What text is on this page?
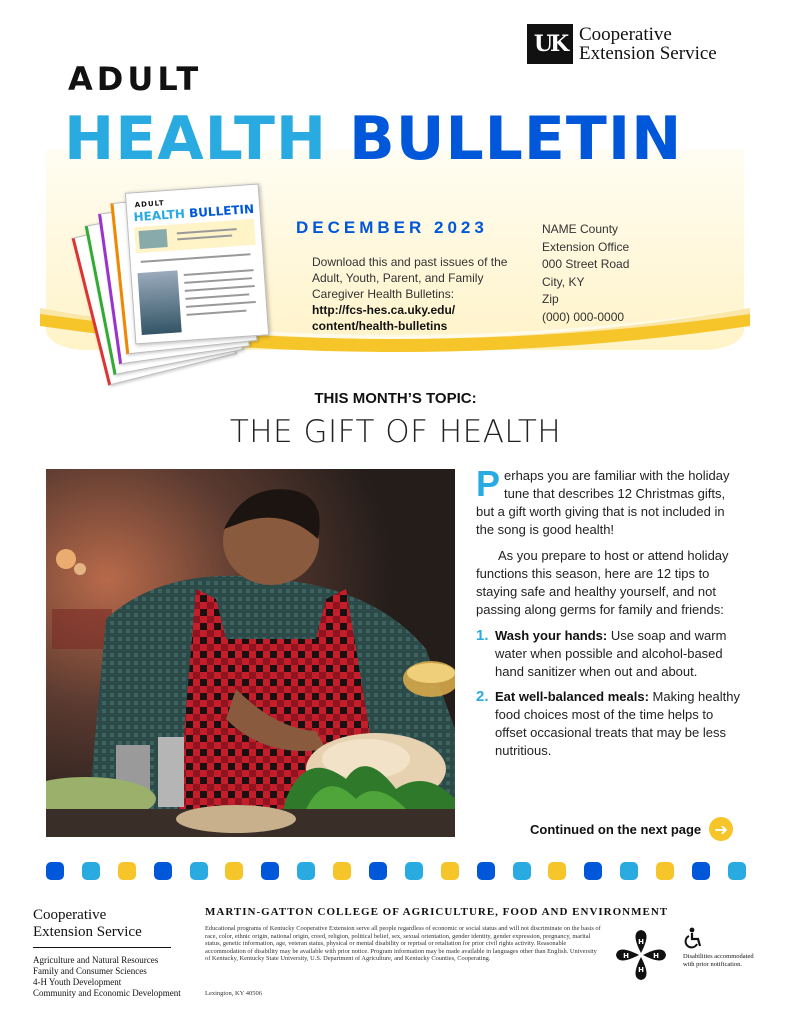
UK Cooperative
Extension Service
ADULT
HEALTH BULLETIN
ADULT
HEALTH BULLETIN
DECEMBER 2023
Download this and past issues of the Adult, Youth, Parent, and Family Caregiver Health Bulletins:
http://fcs-hes.ca.uky.edu/
content/health-bulletins
NAME County
Extension Office
000 Street Road
City, KY
Zip
(000) 000-0000
THIS MONTH’S TOPIC:
THE GIFT OF HEALTH

Perhaps you are familiar with the holiday tune that describes 12 Christmas gifts, but a gift worth giving that is not included in the song is good health!

As you prepare to host or attend holiday functions this season, here are 12 tips to staying safe and healthy yourself, and not passing along germs for family and friends:

1. Wash your hands: Use soap and warm water when possible and alcohol-based hand sanitizer when out and about.
2. Eat well-balanced meals: Making healthy food choices most of the time helps to offset occasional treats that may be less nutritious.
Continued on the next page ➔
Cooperative
Extension Service
Agriculture and Natural Resources
Family and Consumer Sciences
4-H Youth Development
Community and Economic Development
MARTIN-GATTON COLLEGE OF AGRICULTURE, FOOD AND ENVIRONMENT
Educational programs of Kentucky Cooperative Extension serve all people regardless of economic or social status and will not discriminate on the basis of race, color, ethnic origin, national origin, creed, religion, political belief, sex, sexual orientation, gender identity, gender expression, pregnancy, marital status, genetic information, age, veteran status, physical or mental disability or reprisal or retaliation for prior civil rights activity. Reasonable accommodation of disability may be available with prior notice. Program information may be made available in languages other than English. University of Kentucky, Kentucky State University, U.S. Department of Agriculture, and Kentucky Counties, Cooperating.
Lexington, KY 40506
H
H
H
H	Disabilities accommodated with prior notification.
